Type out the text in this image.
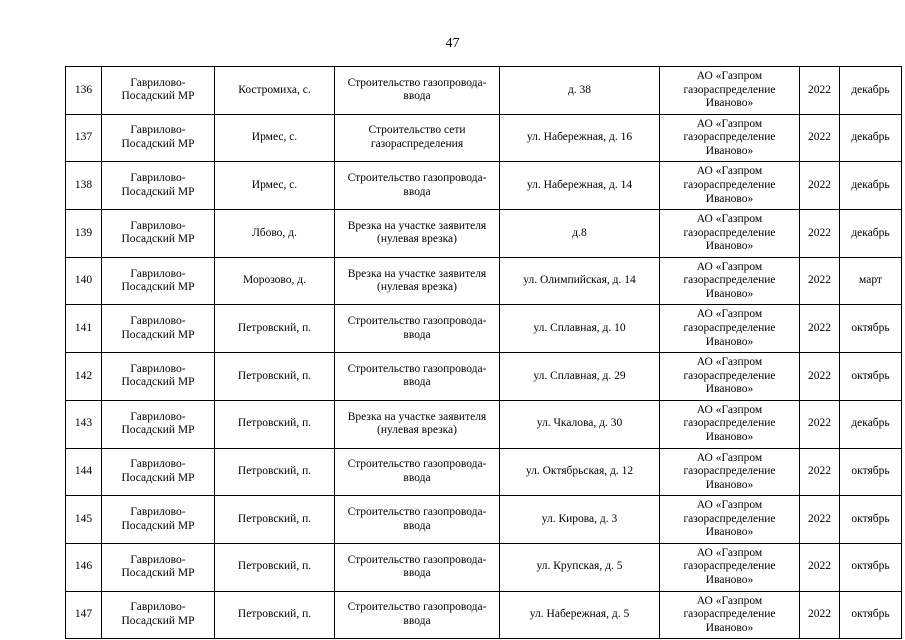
47
136	Гаврилово-Посадский МР	Костромиха, с.	Строительство газопровода-ввода	д. 38	АО «Газпром газораспределение Иваново»	2022	декабрь
137	Гаврилово-Посадский МР	Ирмес, с.	Строительство сети газораспределения	ул. Набережная, д. 16	АО «Газпром газораспределение Иваново»	2022	декабрь
138	Гаврилово-Посадский МР	Ирмес, с.	Строительство газопровода-ввода	ул. Набережная, д. 14	АО «Газпром газораспределение Иваново»	2022	декабрь
139	Гаврилово-Посадский МР	Лбово, д.	Врезка на участке заявителя (нулевая врезка)	д.8	АО «Газпром газораспределение Иваново»	2022	декабрь
140	Гаврилово-Посадский МР	Морозово, д.	Врезка на участке заявителя (нулевая врезка)	ул. Олимпийская, д. 14	АО «Газпром газораспределение Иваново»	2022	март
141	Гаврилово-Посадский МР	Петровский, п.	Строительство газопровода-ввода	ул. Сплавная, д. 10	АО «Газпром газораспределение Иваново»	2022	октябрь
142	Гаврилово-Посадский МР	Петровский, п.	Строительство газопровода-ввода	ул. Сплавная, д. 29	АО «Газпром газораспределение Иваново»	2022	октябрь
143	Гаврилово-Посадский МР	Петровский, п.	Врезка на участке заявителя (нулевая врезка)	ул. Чкалова, д. 30	АО «Газпром газораспределение Иваново»	2022	декабрь
144	Гаврилово-Посадский МР	Петровский, п.	Строительство газопровода-ввода	ул. Октябрьская, д. 12	АО «Газпром газораспределение Иваново»	2022	октябрь
145	Гаврилово-Посадский МР	Петровский, п.	Строительство газопровода-ввода	ул. Кирова, д. 3	АО «Газпром газораспределение Иваново»	2022	октябрь
146	Гаврилово-Посадский МР	Петровский, п.	Строительство газопровода-ввода	ул. Крупская, д. 5	АО «Газпром газораспределение Иваново»	2022	октябрь
147	Гаврилово-Посадский МР	Петровский, п.	Строительство газопровода-ввода	ул. Набережная, д. 5	АО «Газпром газораспределение Иваново»	2022	октябрь
